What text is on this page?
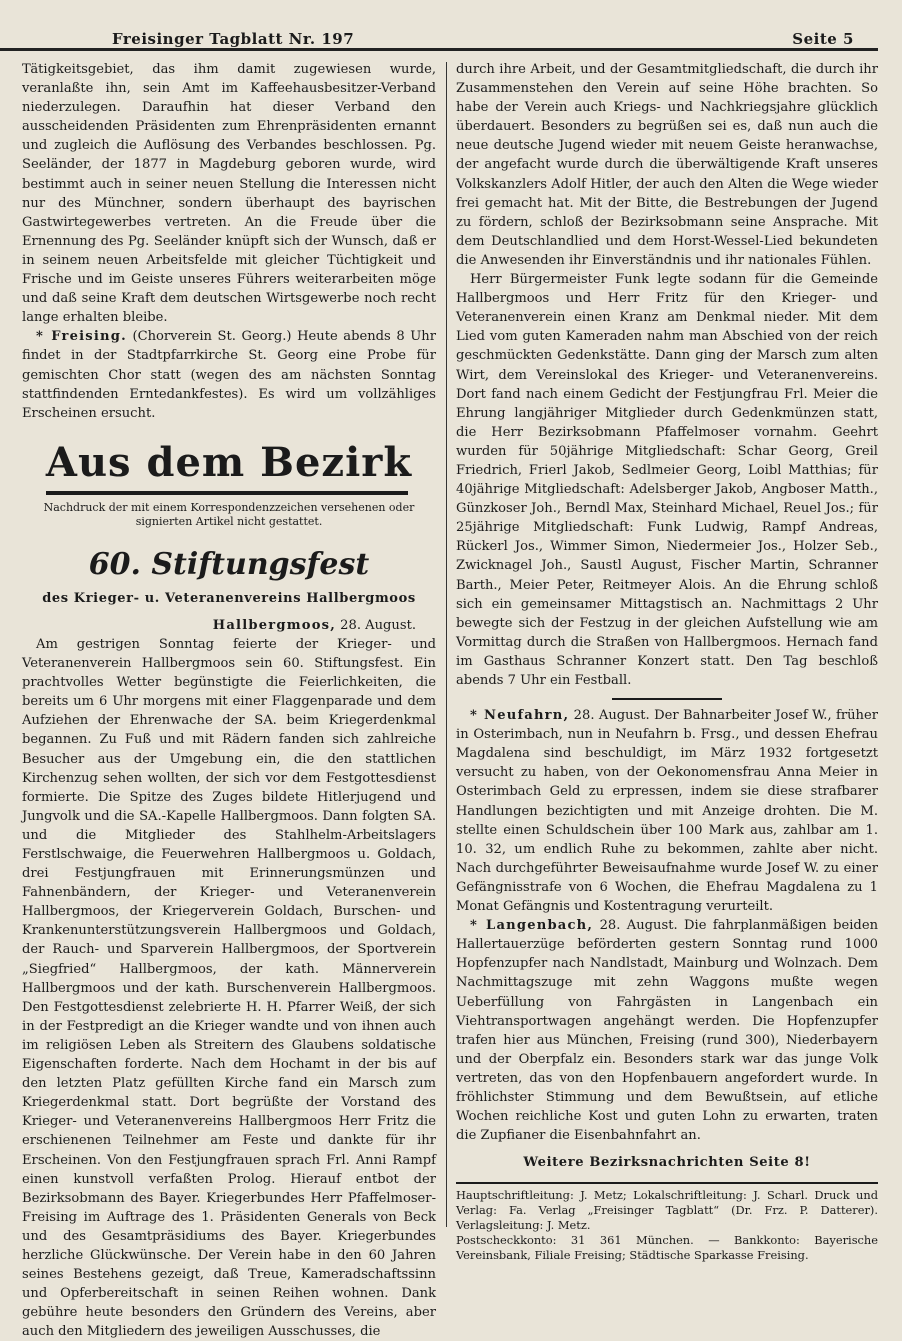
Freisinger Tagblatt Nr. 197	Seite 5

Tätigkeitsgebiet, das ihm damit zugewiesen wurde, veranlaßte ihn, sein Amt im Kaffeehausbesitzer-Verband niederzulegen. Daraufhin hat dieser Verband den ausscheidenden Präsidenten zum Ehrenpräsidenten ernannt und zugleich die Auflösung des Verbandes beschlossen. Pg. Seeländer, der 1877 in Magdeburg geboren wurde, wird bestimmt auch in seiner neuen Stellung die Interessen nicht nur des Münchner, sondern überhaupt des bayrischen Gastwirtegewerbes vertreten. An die Freude über die Ernennung des Pg. Seeländer knüpft sich der Wunsch, daß er in seinem neuen Arbeitsfelde mit gleicher Tüchtigkeit und Frische und im Geiste unseres Führers weiterarbeiten möge und daß seine Kraft dem deutschen Wirtsgewerbe noch recht lange erhalten bleibe.

* Freising. (Chorverein St. Georg.) Heute abends 8 Uhr findet in der Stadtpfarrkirche St. Georg eine Probe für gemischten Chor statt (wegen des am nächsten Sonntag stattfindenden Erntedankfestes). Es wird um vollzähliges Erscheinen ersucht.

Aus dem Bezirk
Nachdruck der mit einem Korrespondenzzeichen versehenen oder signierten Artikel nicht gestattet.
60. Stiftungsfest
des Krieger- u. Veteranenvereins Hallbergmoos
Hallbergmoos, 28. August.

Am gestrigen Sonntag feierte der Krieger- und Veteranenverein Hallbergmoos sein 60. Stiftungsfest. Ein prachtvolles Wetter begünstigte die Feierlichkeiten, die bereits um 6 Uhr morgens mit einer Flaggenparade und dem Aufziehen der Ehrenwache der SA. beim Kriegerdenkmal begannen. Zu Fuß und mit Rädern fanden sich zahlreiche Besucher aus der Umgebung ein, die den stattlichen Kirchenzug sehen wollten, der sich vor dem Festgottesdienst formierte. Die Spitze des Zuges bildete Hitlerjugend und Jungvolk und die SA.-Kapelle Hallbergmoos. Dann folgten SA. und die Mitglieder des Stahlhelm-Arbeitslagers Ferstlschwaige, die Feuerwehren Hallbergmoos u. Goldach, drei Festjungfrauen mit Erinnerungsmünzen und Fahnenbändern, der Krieger- und Veteranenverein Hallbergmoos, der Kriegerverein Goldach, Burschen- und Krankenunterstützungsverein Hallbergmoos und Goldach, der Rauch- und Sparverein Hallbergmoos, der Sportverein „Siegfried“ Hallbergmoos, der kath. Männerverein Hallbergmoos und der kath. Burschenverein Hallbergmoos. Den Festgottesdienst zelebrierte H. H. Pfarrer Weiß, der sich in der Festpredigt an die Krieger wandte und von ihnen auch im religiösen Leben als Streitern des Glaubens soldatische Eigenschaften forderte. Nach dem Hochamt in der bis auf den letzten Platz gefüllten Kirche fand ein Marsch zum Kriegerdenkmal statt. Dort begrüßte der Vorstand des Krieger- und Veteranenvereins Hallbergmoos Herr Fritz die erschienenen Teilnehmer am Feste und dankte für ihr Erscheinen. Von den Festjungfrauen sprach Frl. Anni Rampf einen kunstvoll verfaßten Prolog. Hierauf entbot der Bezirksobmann des Bayer. Kriegerbundes Herr Pfaffelmoser-Freising im Auftrage des 1. Präsidenten Generals von Beck und des Gesamtpräsidiums des Bayer. Kriegerbundes herzliche Glückwünsche. Der Verein habe in den 60 Jahren seines Bestehens gezeigt, daß Treue, Kameradschaftssinn und Opferbereitschaft in seinen Reihen wohnen. Dank gebühre heute besonders den Gründern des Vereins, aber auch den Mitgliedern des jeweiligen Ausschusses, die

durch ihre Arbeit, und der Gesamtmitgliedschaft, die durch ihr Zusammenstehen den Verein auf seine Höhe brachten. So habe der Verein auch Kriegs- und Nachkriegsjahre glücklich überdauert. Besonders zu begrüßen sei es, daß nun auch die neue deutsche Jugend wieder mit neuem Geiste heranwachse, der angefacht wurde durch die überwältigende Kraft unseres Volkskanzlers Adolf Hitler, der auch den Alten die Wege wieder frei gemacht hat. Mit der Bitte, die Bestrebungen der Jugend zu fördern, schloß der Bezirksobmann seine Ansprache. Mit dem Deutschlandlied und dem Horst-Wessel-Lied bekundeten die Anwesenden ihr Einverständnis und ihr nationales Fühlen.

Herr Bürgermeister Funk legte sodann für die Gemeinde Hallbergmoos und Herr Fritz für den Krieger- und Veteranenverein einen Kranz am Denkmal nieder. Mit dem Lied vom guten Kameraden nahm man Abschied von der reich geschmückten Gedenkstätte. Dann ging der Marsch zum alten Wirt, dem Vereinslokal des Krieger- und Veteranenvereins. Dort fand nach einem Gedicht der Festjungfrau Frl. Meier die Ehrung langjähriger Mitglieder durch Gedenkmünzen statt, die Herr Bezirksobmann Pfaffelmoser vornahm. Geehrt wurden für 50jährige Mitgliedschaft: Schar Georg, Greil Friedrich, Frierl Jakob, Sedlmeier Georg, Loibl Matthias; für 40jährige Mitgliedschaft: Adelsberger Jakob, Angboser Matth., Günzkoser Joh., Berndl Max, Steinhard Michael, Reuel Jos.; für 25jährige Mitgliedschaft: Funk Ludwig, Rampf Andreas, Rückerl Jos., Wimmer Simon, Niedermeier Jos., Holzer Seb., Zwicknagel Joh., Saustl August, Fischer Martin, Schranner Barth., Meier Peter, Reitmeyer Alois. An die Ehrung schloß sich ein gemeinsamer Mittagstisch an. Nachmittags 2 Uhr bewegte sich der Festzug in der gleichen Aufstellung wie am Vormittag durch die Straßen von Hallbergmoos. Hernach fand im Gasthaus Schranner Konzert statt. Den Tag beschloß abends 7 Uhr ein Festball.

* Neufahrn, 28. August. Der Bahnarbeiter Josef W., früher in Osterimbach, nun in Neufahrn b. Frsg., und dessen Ehefrau Magdalena sind beschuldigt, im März 1932 fortgesetzt versucht zu haben, von der Oekonomensfrau Anna Meier in Osterimbach Geld zu erpressen, indem sie diese strafbarer Handlungen bezichtigten und mit Anzeige drohten. Die M. stellte einen Schuldschein über 100 Mark aus, zahlbar am 1. 10. 32, um endlich Ruhe zu bekommen, zahlte aber nicht. Nach durchgeführter Beweisaufnahme wurde Josef W. zu einer Gefängnisstrafe von 6 Wochen, die Ehefrau Magdalena zu 1 Monat Gefängnis und Kostentragung verurteilt.

* Langenbach, 28. August. Die fahrplanmäßigen beiden Hallertauerzüge beförderten gestern Sonntag rund 1000 Hopfenzupfer nach Nandlstadt, Mainburg und Wolnzach. Dem Nachmittagszuge mit zehn Waggons mußte wegen Ueberfüllung von Fahrgästen in Langenbach ein Viehtransportwagen angehängt werden. Die Hopfenzupfer trafen hier aus München, Freising (rund 300), Niederbayern und der Oberpfalz ein. Besonders stark war das junge Volk vertreten, das von den Hopfenbauern angefordert wurde. In fröhlichster Stimmung und dem Bewußtsein, auf etliche Wochen reichliche Kost und guten Lohn zu erwarten, traten die Zupfianer die Eisenbahnfahrt an.

Weitere Bezirksnachrichten Seite 8!
Hauptschriftleitung: J. Metz; Lokalschriftleitung: J. Scharl. Druck und Verlag: Fa. Verlag „Freisinger Tagblatt“ (Dr. Frz. P. Datterer). Verlagsleitung: J. Metz.
Postscheckkonto: 31 361 München. — Bankkonto: Bayerische Vereinsbank, Filiale Freising; Städtische Sparkasse Freising.
